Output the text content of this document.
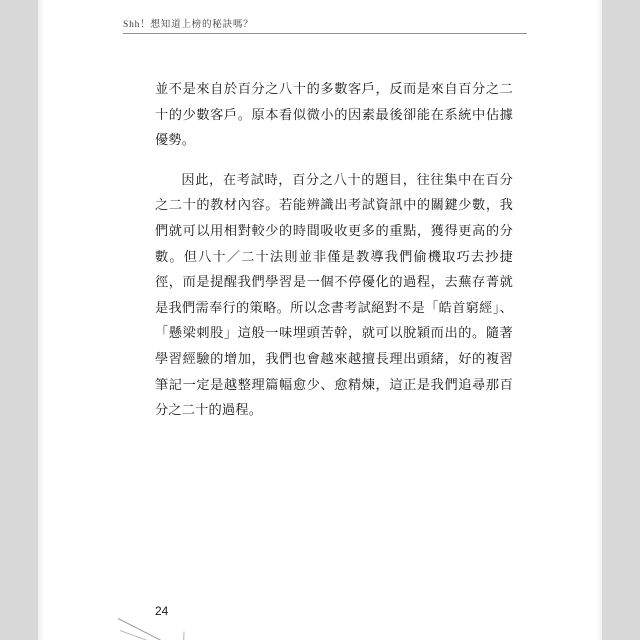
Shh！想知道上榜的秘訣嗎？

並不是來自於百分之八十的多數客戶，反而是來自百分之二十的少數客戶。原本看似微小的因素最後卻能在系統中佔據優勢。

因此，在考試時，百分之八十的題目，往往集中在百分之二十的教材內容。若能辨識出考試資訊中的關鍵少數，我們就可以用相對較少的時間吸收更多的重點，獲得更高的分數。但八十／二十法則並非僅是教導我們偷機取巧去抄捷徑，而是提醒我們學習是一個不停優化的過程，去蕪存菁就是我們需奉行的策略。所以念書考試絕對不是「皓首窮經」、「懸梁刺股」這般一味埋頭苦幹，就可以脫穎而出的。隨著學習經驗的增加，我們也會越來越擅長理出頭緒，好的複習筆記一定是越整理篇幅愈少、愈精煉，這正是我們追尋那百分之二十的過程。

24
